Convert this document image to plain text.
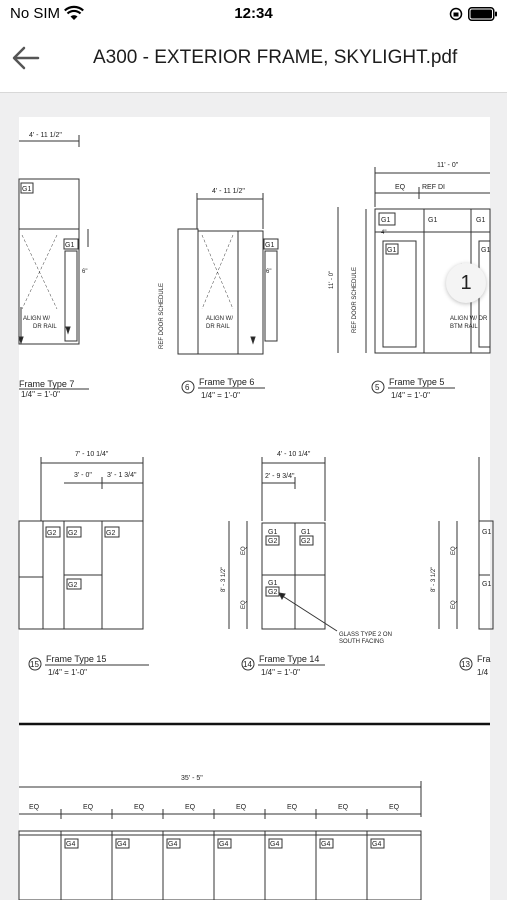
No SIM	12:34
A300 - EXTERIOR FRAME, SKYLIGHT.pdf
4' - 11 1/2"
G1
G1
ALIGN W/
DR RAIL
6"
Frame Type 7
1/4" = 1'-0"
4' - 11 1/2"
G1
REF DOOR SCHEDULE	ALIGN W/
DR RAIL
6"
6
Frame Type 6
1/4" = 1'-0"
11' - 0"
EQ REF DI
11' - 0"	REF DOOR SCHEDULE
4"
G1	G1	G1
G1	G1
ALIGN W/ DR
BTM RAIL
5
Frame Type 5
1/4" = 1'-0"
7' - 10 1/4"
3' - 0" 3' - 1 3/4"
G2 G2	G2
G2
15
Frame Type 15
1/4" = 1'-0"
4' - 10 1/4"
2' - 9 3/4"
8' - 3 1/2"
EQ
EQ
G1
G2
G1
G2
G1
G2
GLASS TYPE 2 ON
SOUTH FACING
14
Frame Type 14
1/4" = 1'-0"
8' - 3 1/2"
EQ
EQ
G1
G1
13
Fra
1/4
35' - 5"
EQ	EQ	EQ	EQ	EQ	EQ	EQ	EQ
G4	G4	G4	G4	G4	G4	G4
1
